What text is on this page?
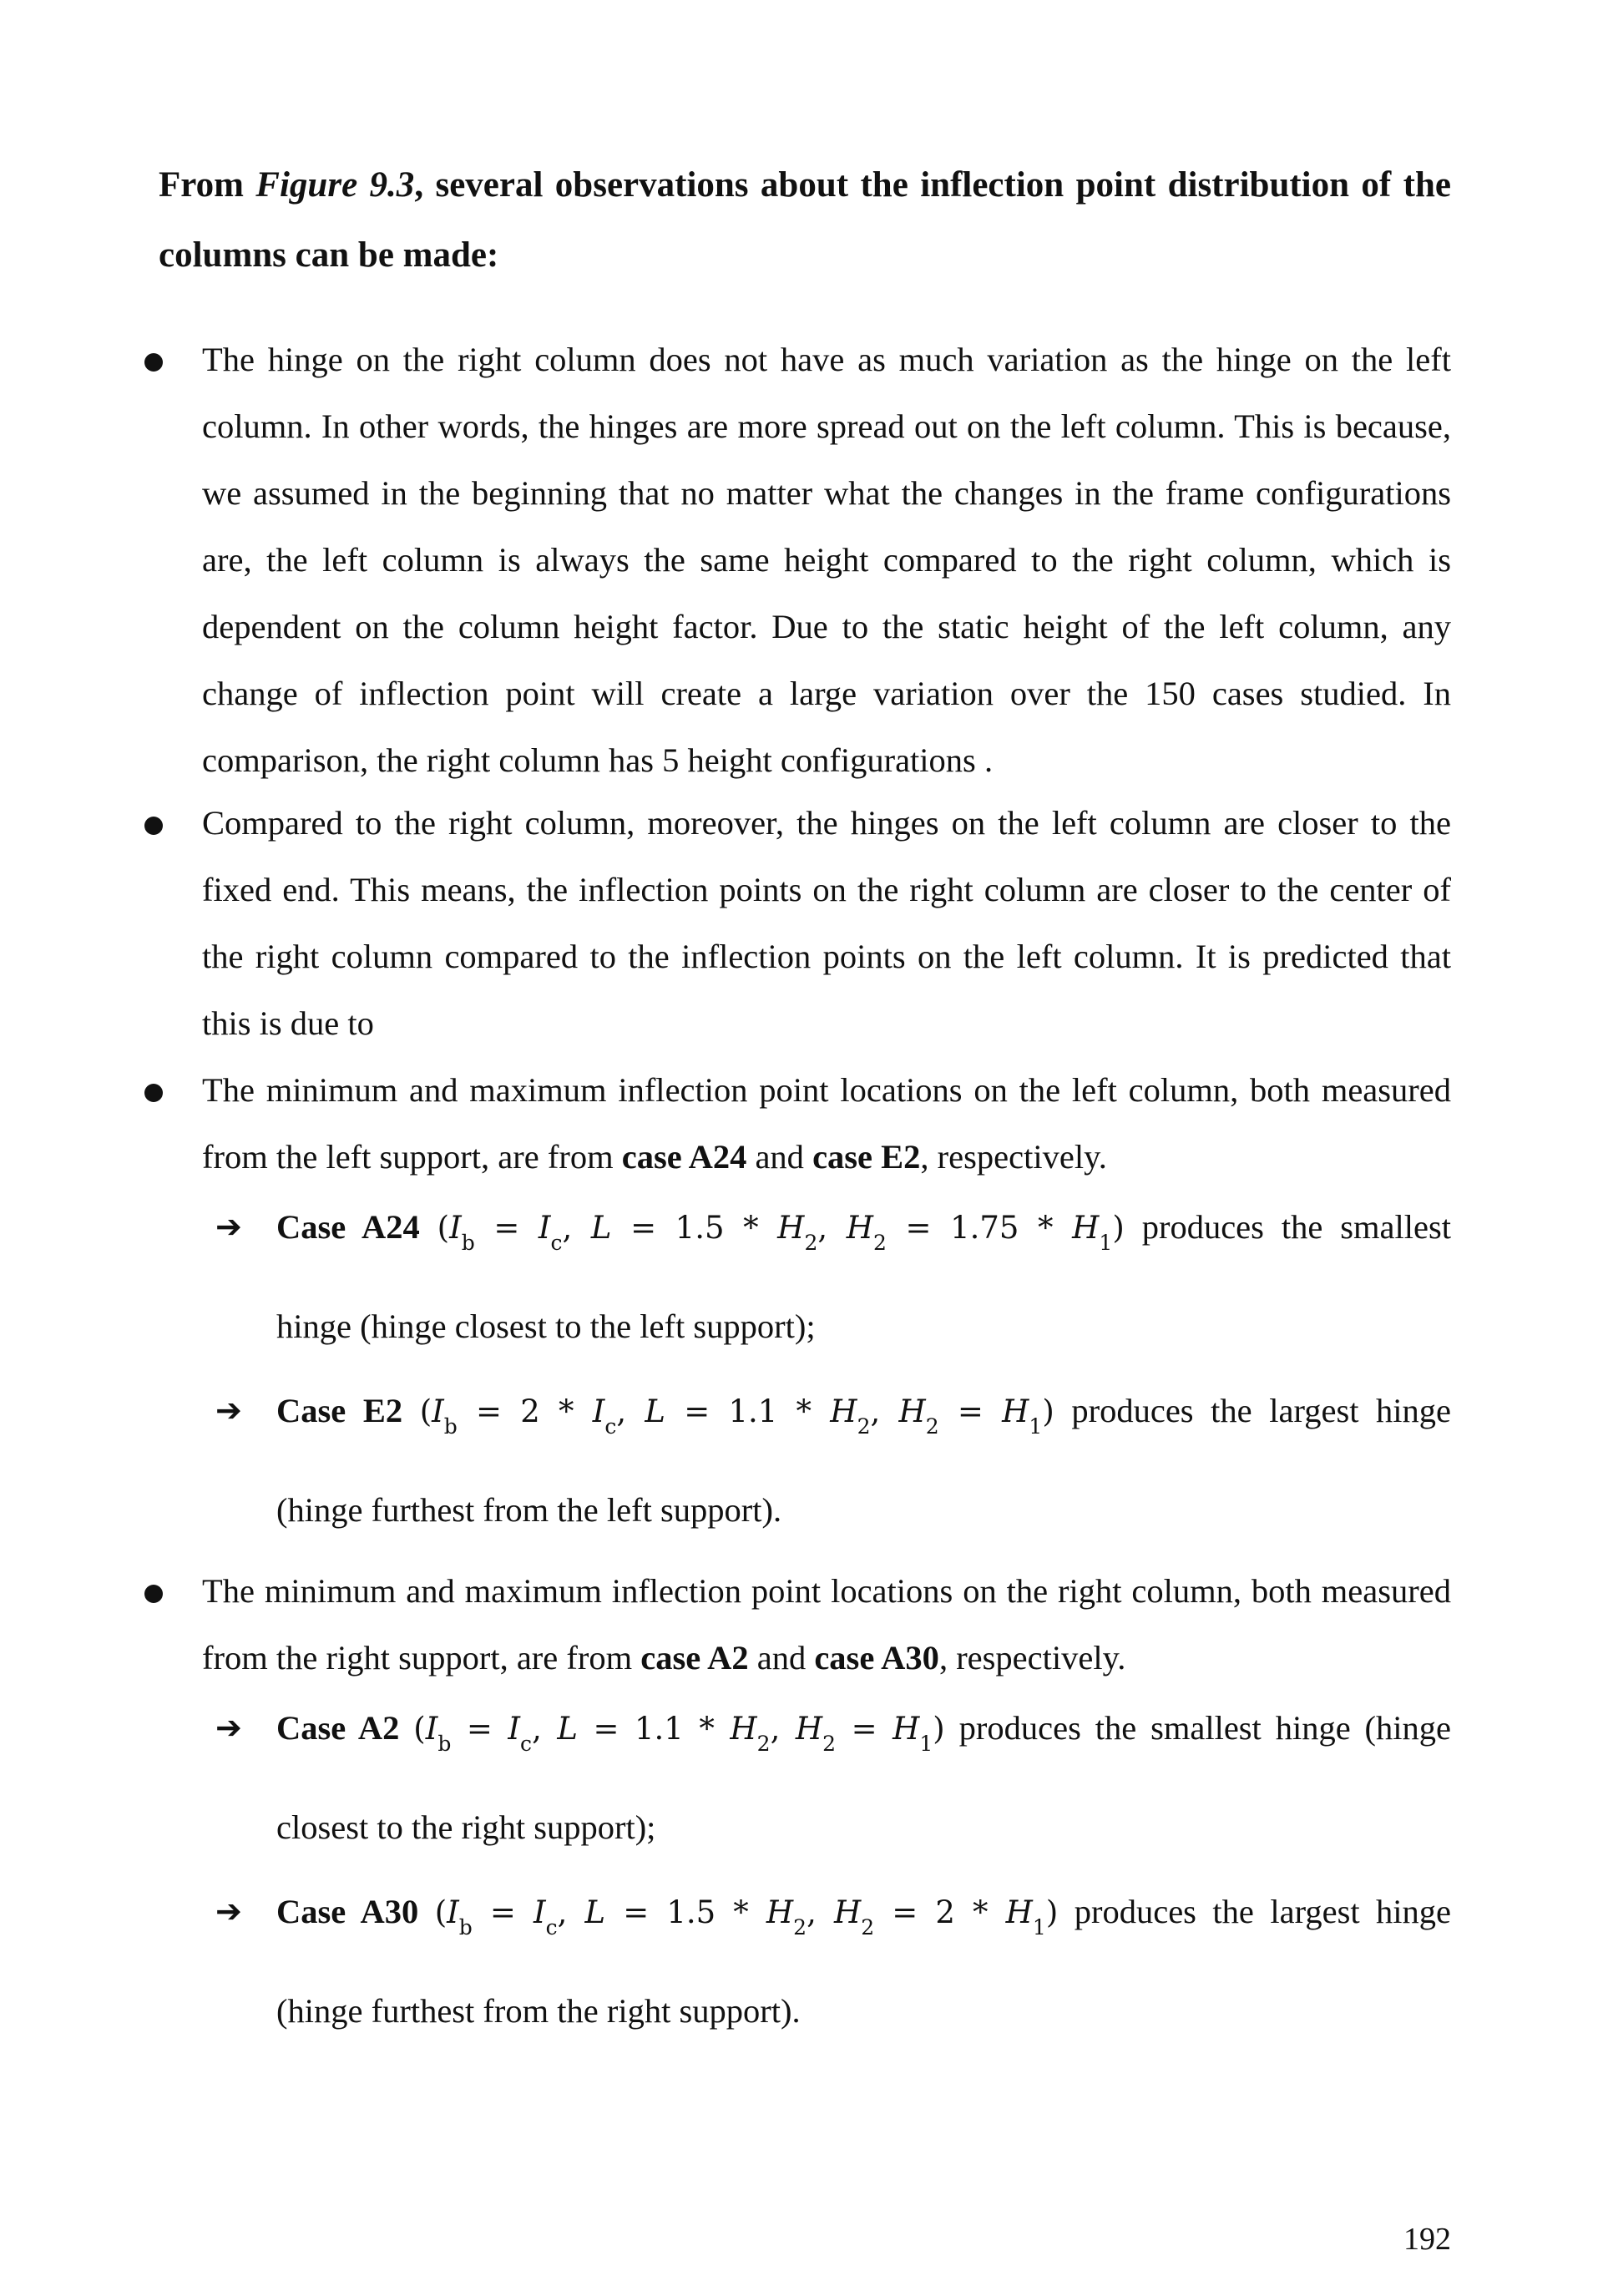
From Figure 9.3, several observations about the inflection point distribution of the columns can be made:
The hinge on the right column does not have as much variation as the hinge on the left column. In other words, the hinges are more spread out on the left column. This is because, we assumed in the beginning that no matter what the changes in the frame configurations are, the left column is always the same height compared to the right column, which is dependent on the column height factor. Due to the static height of the left column, any change of inflection point will create a large variation over the 150 cases studied. In comparison, the right column has 5 height configurations .
Compared to the right column, moreover, the hinges on the left column are closer to the fixed end. This means, the inflection points on the right column are closer to the center of the right column compared to the inflection points on the left column. It is predicted that this is due to
The minimum and maximum inflection point locations on the left column, both measured from the left support, are from case A24 and case E2, respectively.
➔ Case A24 ($I_b = I_c$, $L = 1.5 * H_2$, $H_2 = 1.75 * H_1$) produces the smallest
hinge (hinge closest to the left support);
➔ Case E2 ($I_b = 2 * I_c$, $L = 1.1 * H_2$, $H_2 = H_1$) produces the largest hinge
(hinge furthest from the left support).
The minimum and maximum inflection point locations on the right column, both measured from the right support, are from case A2 and case A30, respectively.
➔ Case A2 ($I_b = I_c$, $L = 1.1 * H_2$, $H_2 = H_1$) produces the smallest hinge (hinge
closest to the right support);
➔ Case A30 ($I_b = I_c$, $L = 1.5 * H_2$, $H_2 = 2 * H_1$) produces the largest hinge
(hinge furthest from the right support).
192
